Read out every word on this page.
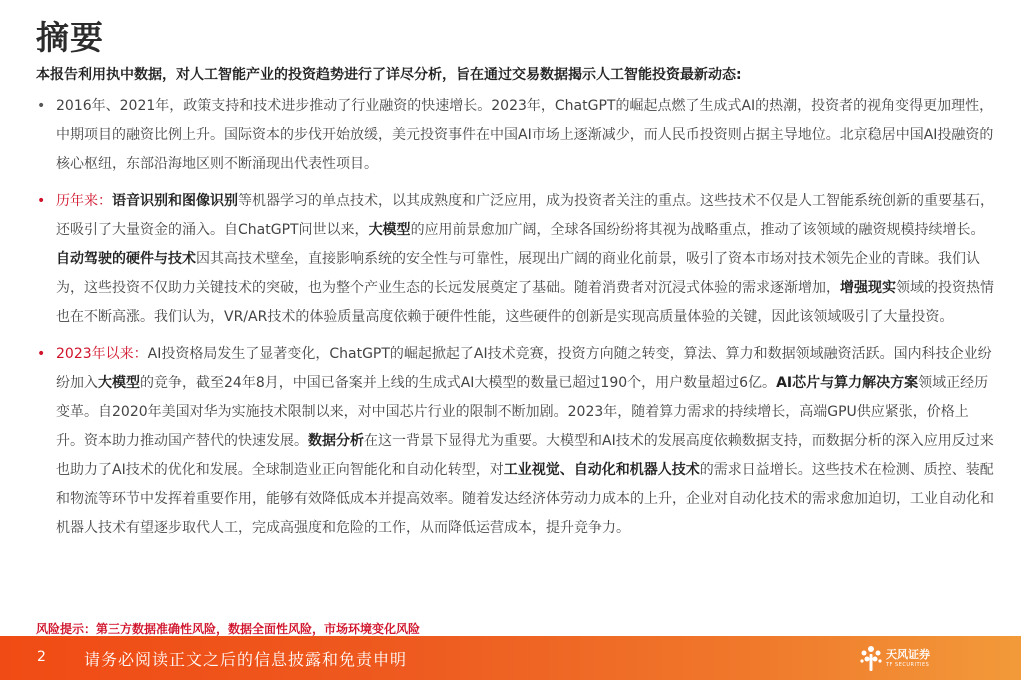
摘要
本报告利用执中数据，对人工智能产业的投资趋势进行了详尽分析，旨在通过交易数据揭示人工智能投资最新动态:
• 2016年、2021年，政策支持和技术进步推动了行业融资的快速增长。2023年，ChatGPT的崛起点燃了生成式AI的热潮，投资者的视角变得更加理性，中期项目的融资比例上升。国际资本的步伐开始放缓，美元投资事件在中国AI市场上逐渐减少，而人民币投资则占据主导地位。北京稳居中国AI投融资的核心枢纽，东部沿海地区则不断涌现出代表性项目。
• 历年来：语音识别和图像识别等机器学习的单点技术，以其成熟度和广泛应用，成为投资者关注的重点。这些技术不仅是人工智能系统创新的重要基石，还吸引了大量资金的涌入。自ChatGPT问世以来，大模型的应用前景愈加广阔，全球各国纷纷将其视为战略重点，推动了该领域的融资规模持续增长。自动驾驶的硬件与技术因其高技术壁垒，直接影响系统的安全性与可靠性，展现出广阔的商业化前景，吸引了资本市场对技术领先企业的青睐。我们认为，这些投资不仅助力关键技术的突破，也为整个产业生态的长远发展奠定了基础。随着消费者对沉浸式体验的需求逐渐增加，增强现实领域的投资热情也在不断高涨。我们认为，VR/AR技术的体验质量高度依赖于硬件性能，这些硬件的创新是实现高质量体验的关键，因此该领域吸引了大量投资。
• 2023年以来：AI投资格局发生了显著变化，ChatGPT的崛起掀起了AI技术竞赛，投资方向随之转变，算法、算力和数据领域融资活跃。国内科技企业纷纷加入大模型的竞争，截至24年8月，中国已备案并上线的生成式AI大模型的数量已超过190个，用户数量超过6亿。AI芯片与算力解决方案领域正经历变革。自2020年美国对华为实施技术限制以来，对中国芯片行业的限制不断加剧。2023年，随着算力需求的持续增长，高端GPU供应紧张，价格上升。资本助力推动国产替代的快速发展。数据分析在这一背景下显得尤为重要。大模型和AI技术的发展高度依赖数据支持，而数据分析的深入应用反过来也助力了AI技术的优化和发展。全球制造业正向智能化和自动化转型，对工业视觉、自动化和机器人技术的需求日益增长。这些技术在检测、质控、装配和物流等环节中发挥着重要作用，能够有效降低成本并提高效率。随着发达经济体劳动力成本的上升，企业对自动化技术的需求愈加迫切，工业自动化和机器人技术有望逐步取代人工，完成高强度和危险的工作，从而降低运营成本，提升竞争力。
风险提示：第三方数据准确性风险，数据全面性风险，市场环境变化风险
2 请务必阅读正文之后的信息披露和免责申明	天风证券
TF SECURITIES
